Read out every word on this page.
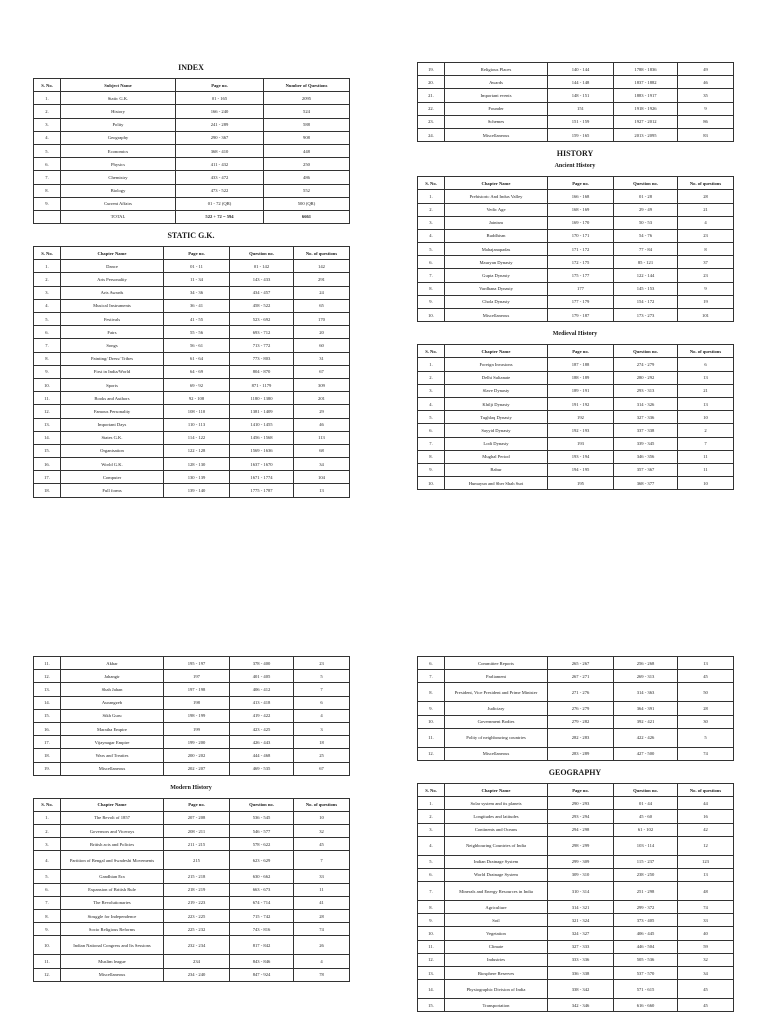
INDEX
S. No.	Subject Name	Page no.	Number of Questions
1.	Static G.K.	01 - 165	2095
2.	History	166 - 240	524
3.	Polity	241 - 289	588
4.	Geography	290 - 367	908
5.	Economics	368 - 410	448
6.	Physics	411 - 432	250
7.	Chemistry	433 - 472	486
8.	Biology	473 - 522	552
9.	Current Affairs	01 - 72 (QR)	500 (QR)
	TOTAL	522 + 72 = 594	6661
STATIC G.K.
S. No.	Chapter Name	Page no.	Question no.	No. of questions
1.	Dance	01 - 11	01 - 142	142
2.	Arts Personality	11 - 34	143 - 433	291
3.	Arts Awards	34 - 36	434 - 457	24
4.	Musical Instruments	36 - 41	458 - 522	65
5.	Festivals	41 - 55	523 - 692	170
6.	Fairs	55 - 56	693 - 712	20
7.	Songs	56 - 61	713 - 772	60
8.	Painting/ Dress/ Tribes	61 - 64	773 - 803	31
9.	First in India/World	64 - 69	804 - 870	67
10.	Sports	69 - 92	871 - 1179	309
11.	Books and Authors	92 - 108	1180 - 1380	201
12.	Famous Personality	108 - 110	1381 - 1409	29
13.	Important Days	110 - 113	1410 - 1455	46
14.	States G.K.	114 - 122	1456 - 1568	113
15.	Organisation	122 - 128	1569 - 1636	68
16.	World G.K.	128 - 130	1637 - 1670	34
17.	Computer	130 - 139	1671 - 1774	104
18.	Full forms	139 - 140	1775 - 1787	13
19.	Religious Places	140 - 144	1788 - 1836	49
20.	Awards	144 - 148	1837 - 1882	46
21.	Important events	148 - 151	1883 - 1917	35
22.	Founder	151	1918 - 1926	9
23.	Schemes	151 - 159	1927 - 2012	86
24.	Miscellaneous	159 - 165	2013 - 2095	83
HISTORY
Ancient History
S. No.	Chapter Name	Page no.	Question no.	No. of questions
1.	Prehistoric And Indus Valley	166 - 168	01 - 28	28
2.	Vedic Age	168 - 169	29 - 49	21
3.	Jainism	169 - 170	50 - 53	4
4.	Buddhism	170 - 171	54 - 76	23
5.	Mahajanapadas	171 - 172	77 - 84	8
6.	Mauryan Dynasty	172 - 175	85 - 121	37
7.	Gupta Dynasty	175 - 177	122 - 144	23
8.	Vardhana Dynasty	177	145 - 153	9
9.	Chola Dynasty	177 - 179	154 - 172	19
10.	Miscellaneous	179 - 187	173 - 273	101
Medieval History
S. No.	Chapter Name	Page no.	Question no.	No. of questions
1.	Foreign Invasions	187 - 188	274 - 279	6
2.	Delhi Sultanate	188 - 189	280 - 292	13
3.	Slave Dynasty	189 - 191	293 - 313	21
4.	Khilji Dynasty	191 - 192	314 - 326	13
5.	Tughlaq Dynasty	192	327 - 336	10
6.	Sayyid Dynasty	192 - 193	337 - 338	2
7.	Lodi Dynasty	193	339 - 345	7
8.	Mughal Period	193 - 194	346 - 356	11
9.	Babur	194 - 195	357 - 367	11
10.	Humayun and Sher Shah Suri	195	368 - 377	10
11.	Akbar	195 - 197	378 - 400	23
12.	Jahangir	197	401 - 405	5
13.	Shah Jahan	197 - 198	406 - 412	7
14.	Aurangzeb	198	413 - 418	6
15.	Sikh Guru	198 - 199	419 - 422	4
16.	Maratha Empire	199	423 - 425	3
17.	Vijaynagar Empire	199 - 200	426 - 443	18
18.	Wars and Treaties	200 - 202	444 - 468	25
19.	Miscellaneous	202 - 207	469 - 535	67
Modern History
S. No.	Chapter Name	Page no.	Question no.	No. of questions
1.	The Revolt of 1857	207 - 208	536 - 545	10
2.	Governors and Viceroys	208 - 211	546 - 577	32
3.	British acts and Policies	211 - 215	578 - 622	45
4.	Partition of Bengal and Swadeshi Movements	215	623 - 629	7
5.	Gandhian Era	215 - 218	630 - 662	33
6.	Expansion of British Rule	218 - 219	663 - 673	11
7.	The Revolutionaries	219 - 223	674 - 714	41
8.	Struggle for Independence	223 - 225	715 - 742	28
9.	Socio Religious Reforms	225 - 232	743 - 816	74
10.	Indian National Congress and Its Sessions	232 - 234	817 - 842	26
11.	Muslim league	234	843 - 846	4
12.	Miscellaneous	234 - 240	847 - 924	78
6.	Committee Reports	265 - 267	256 - 268	13
7.	Parliament	267 - 271	269 - 313	45
8.	President, Vice President and Prime Minister	271 - 276	314 - 363	50
9.	Judiciary	276 - 279	364 - 391	28
10.	Government Bodies	279 - 282	392 - 421	30
11.	Polity of neighbouring countries	282 - 283	422 - 426	5
12.	Miscellaneous	283 - 289	427 - 500	74
GEOGRAPHY
S. No.	Chapter Name	Page no.	Question no.	No. of questions
1.	Solar system and its planets	290 - 293	01 - 44	44
2.	Longitudes and latitudes	293 - 294	45 - 60	16
3.	Continents and Oceans	294 - 298	61 - 102	42
4.	Neighbouring Countries of India	298 - 299	103 - 114	12
5.	Indian Drainage System	299 - 309	115 - 237	123
6.	World Drainage System	309 - 310	238 - 250	13
7.	Minerals and Energy Resources in India	310 - 314	251 - 298	48
8.	Agriculture	314 - 321	299 - 372	74
9.	Soil	321 - 324	373 - 405	33
10.	Vegetation	324 - 327	406 - 445	40
11.	Climate	327 - 333	446 - 504	59
12.	Industries	333 - 336	505 - 536	32
13.	Biosphere Reserves	336 - 338	537 - 570	34
14.	Physiographic Division of India	338 - 342	571 - 615	45
15.	Transportation	342 - 346	616 - 660	45
